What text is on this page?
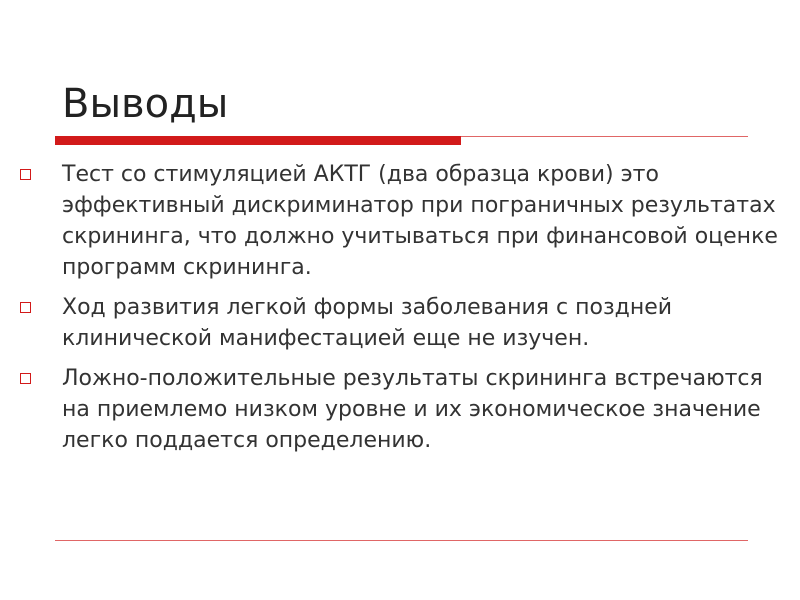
Выводы
Тест со стимуляцией АКТГ (два образца крови) это эффективный дискриминатор при пограничных результатах скрининга, что должно учитываться при финансовой оценке программ скрининга.
Ход развития легкой формы заболевания с поздней клинической манифестацией еще не изучен.
Ложно-положительные результаты скрининга встречаются на приемлемо низком уровне и их экономическое значение легко поддается определению.
